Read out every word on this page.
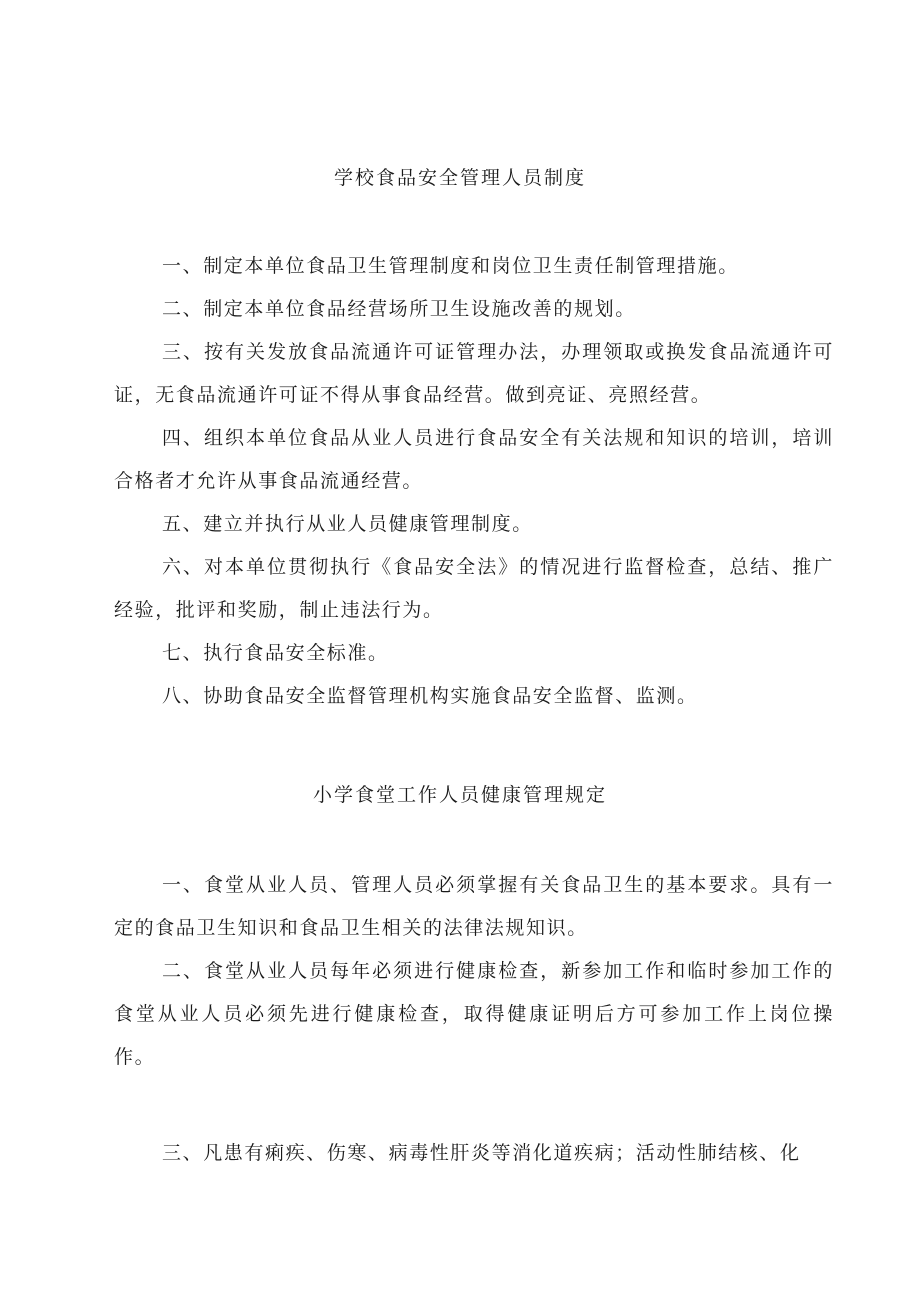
学校食品安全管理人员制度
一、制定本单位食品卫生管理制度和岗位卫生责任制管理措施。
二、制定本单位食品经营场所卫生设施改善的规划。
三、按有关发放食品流通许可证管理办法，办理领取或换发食品流通许可证，无食品流通许可证不得从事食品经营。做到亮证、亮照经营。
四、组织本单位食品从业人员进行食品安全有关法规和知识的培训，培训合格者才允许从事食品流通经营。
五、建立并执行从业人员健康管理制度。
六、对本单位贯彻执行《食品安全法》的情况进行监督检查，总结、推广经验，批评和奖励，制止违法行为。
七、执行食品安全标准。
八、协助食品安全监督管理机构实施食品安全监督、监测。
小学食堂工作人员健康管理规定
一、食堂从业人员、管理人员必须掌握有关食品卫生的基本要求。具有一定的食品卫生知识和食品卫生相关的法律法规知识。
二、食堂从业人员每年必须进行健康检查，新参加工作和临时参加工作的食堂从业人员必须先进行健康检查，取得健康证明后方可参加工作上岗位操作。
三、凡患有痢疾、伤寒、病毒性肝炎等消化道疾病；活动性肺结核、化
